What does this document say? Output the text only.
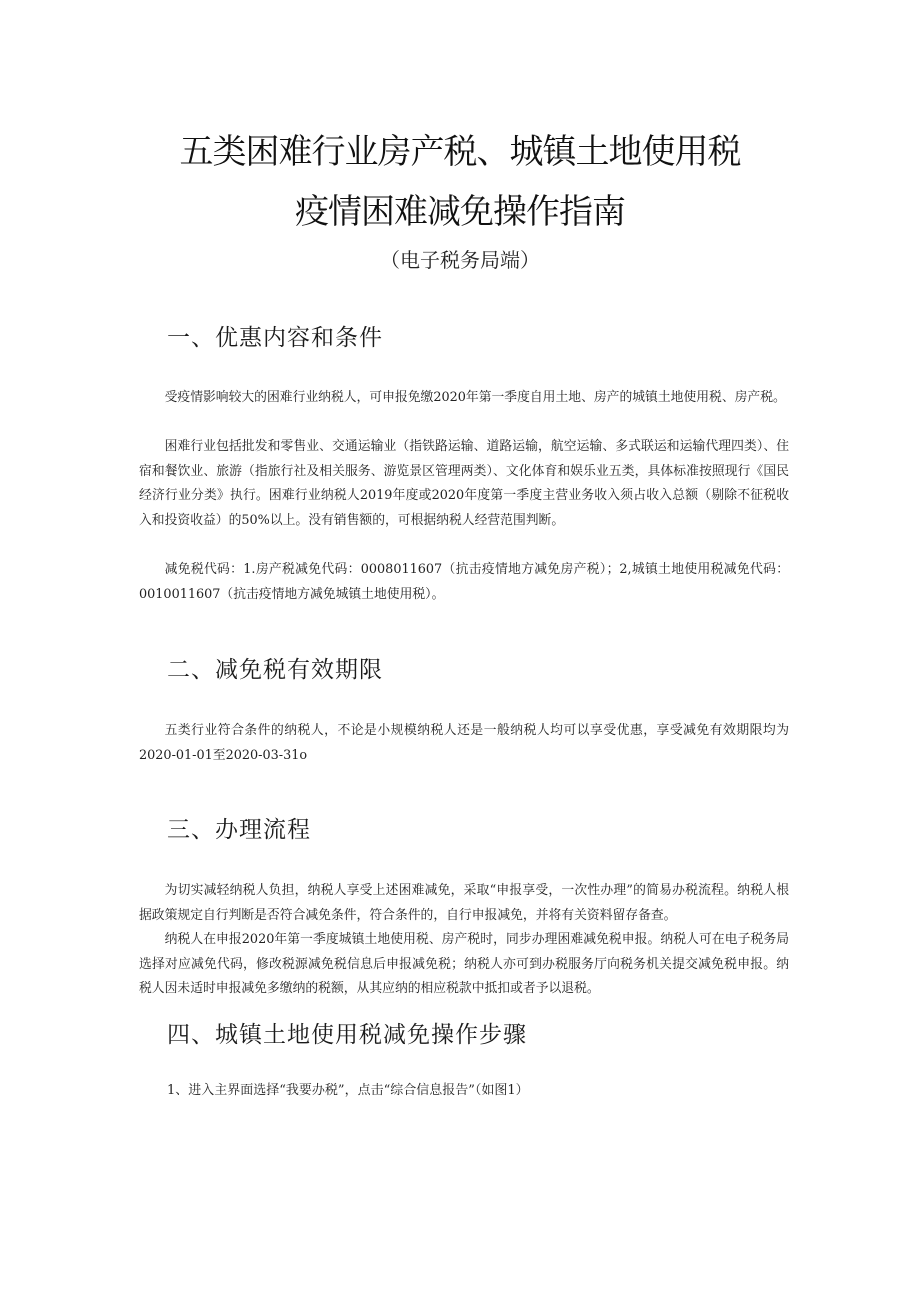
五类困难行业房产税、城镇土地使用税
疫情困难减免操作指南

（电子税务局端）

一、优惠内容和条件

受疫情影响较大的困难行业纳税人，可申报免缴2020年第一季度自用土地、房产的城镇土地使用税、房产税。

困难行业包括批发和零售业、交通运输业（指铁路运输、道路运输，航空运输、多式联运和运输代理四类）、住宿和餐饮业、旅游（指旅行社及相关服务、游览景区管理两类）、文化体育和娱乐业五类，具体标准按照现行《国民经济行业分类》执行。困难行业纳税人2019年度或2020年度第一季度主营业务收入须占收入总额（剔除不征税收入和投资收益）的50%以上。没有销售额的，可根据纳税人经营范围判断。

减免税代码：1.房产税减免代码：0008011607（抗击疫情地方减免房产税）；2,城镇土地使用税减免代码：0010011607（抗击疫情地方减免城镇土地使用税）。

二、减免税有效期限

五类行业符合条件的纳税人，不论是小规模纳税人还是一般纳税人均可以享受优惠，享受减免有效期限均为2020-01-01至2020-03-31o

三、办理流程

为切实减轻纳税人负担，纳税人享受上述困难减免，采取“申报享受，一次性办理”的简易办税流程。纳税人根据政策规定自行判断是否符合减免条件，符合条件的，自行申报减免，并将有关资料留存备查。

纳税人在申报2020年第一季度城镇土地使用税、房产税时，同步办理困难减免税申报。纳税人可在电子税务局选择对应减免代码，修改税源减免税信息后申报减免税；纳税人亦可到办税服务厅向税务机关提交减免税申报。纳税人因未适时申报减免多缴纳的税额，从其应纳的相应税款中抵扣或者予以退税。

四、城镇土地使用税减免操作步骤

1、进入主界面选择“我要办税”，点击“综合信息报告”（如图1）
